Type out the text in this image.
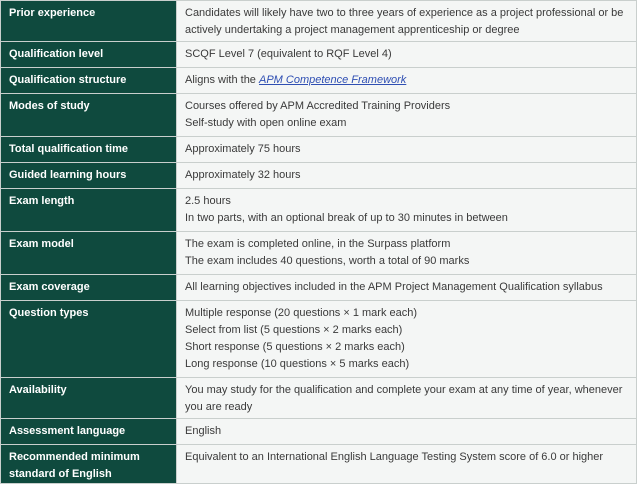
Prior experience	Candidates will likely have two to three years of experience as a project professional or be actively undertaking a project management apprenticeship or degree

Qualification level	SCQF Level 7 (equivalent to RQF Level 4)

Qualification structure	Aligns with the APM Competence Framework

Modes of study	Courses offered by APM Accredited Training Providers
Self-study with open online exam

Total qualification time	Approximately 75 hours

Guided learning hours	Approximately 32 hours

Exam length	2.5 hours
In two parts, with an optional break of up to 30 minutes in between

Exam model	The exam is completed online, in the Surpass platform
The exam includes 40 questions, worth a total of 90 marks

Exam coverage	All learning objectives included in the APM Project Management Qualification syllabus

Question types	Multiple response (20 questions × 1 mark each)
Select from list (5 questions × 2 marks each)
Short response (5 questions × 2 marks each)
Long response (10 questions × 5 marks each)

Availability	You may study for the qualification and complete your exam at any time of year, whenever you are ready

Assessment language	English

Recommended minimum standard of English	Equivalent to an International English Language Testing System score of 6.0 or higher
